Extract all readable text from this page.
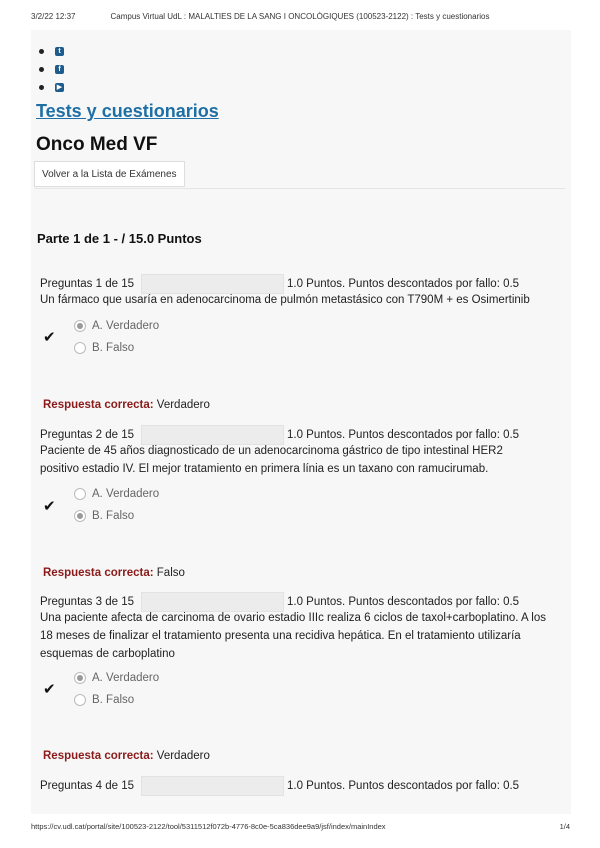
3/2/22 12:37	Campus Virtual UdL : MALALTIES DE LA SANG I ONCOLÒGIQUES (100523-2122) : Tests y cuestionarios
t
f
▶
Tests y cuestionarios
Onco Med VF
Volver a la Lista de Exámenes
Parte 1 de 1 - / 15.0 Puntos
Preguntas 1 de 15	1.0 Puntos. Puntos descontados por fallo: 0.5
Un fármaco que usaría en adenocarcinoma de pulmón metastásico con T790M + es Osimertinib
✔
A. Verdadero
B. Falso
Respuesta correcta: Verdadero
Preguntas 2 de 15	1.0 Puntos. Puntos descontados por fallo: 0.5
Paciente de 45 años diagnosticado de un adenocarcinoma gástrico de tipo intestinal HER2 positivo estadio IV. El mejor tratamiento en primera línia es un taxano con ramucirumab.
✔
A. Verdadero
B. Falso
Respuesta correcta: Falso
Preguntas 3 de 15	1.0 Puntos. Puntos descontados por fallo: 0.5
Una paciente afecta de carcinoma de ovario estadio IIIc realiza 6 ciclos de taxol+carboplatino. A los 18 meses de finalizar el tratamiento presenta una recidiva hepática. En el tratamiento utilizaría esquemas de carboplatino
✔
A. Verdadero
B. Falso
Respuesta correcta: Verdadero
Preguntas 4 de 15	1.0 Puntos. Puntos descontados por fallo: 0.5
https://cv.udl.cat/portal/site/100523-2122/tool/5311512f072b-4776-8c0e-5ca836dee9a9/jsf/index/mainIndex	1/4
